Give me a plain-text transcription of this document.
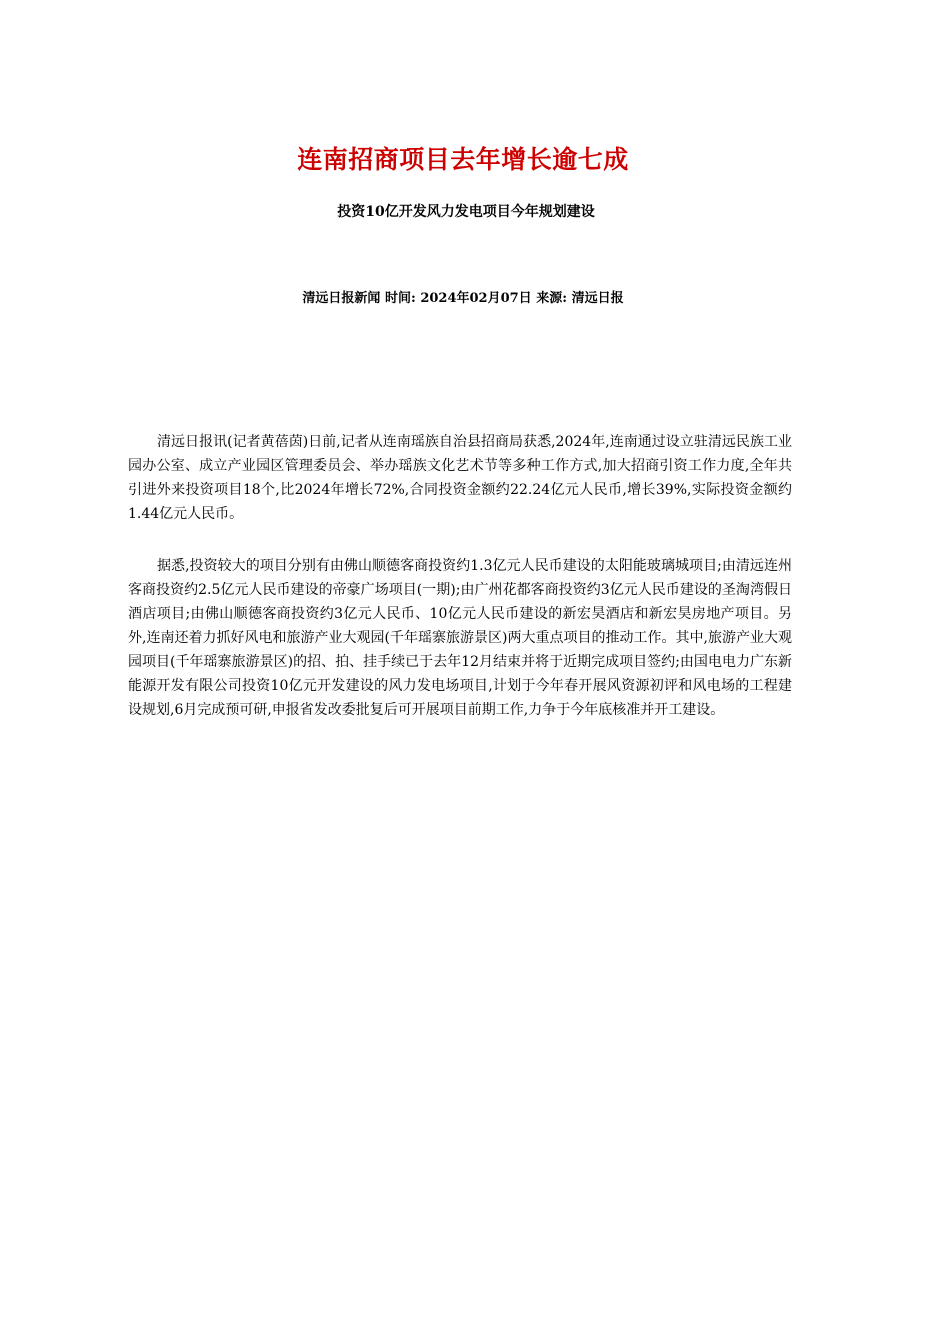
连南招商项目去年增长逾七成
投资10亿开发风力发电项目今年规划建设
清远日报新闻 时间: 2024年02月07日 来源: 清远日报

清远日报讯(记者黄蓓茵)日前,记者从连南瑶族自治县招商局获悉,2024年,连南通过设立驻清远民族工业园办公室、成立产业园区管理委员会、举办瑶族文化艺术节等多种工作方式,加大招商引资工作力度,全年共引进外来投资项目18个,比2024年增长72%,合同投资金额约22.24亿元人民币,增长39%,实际投资金额约1.44亿元人民币。

据悉,投资较大的项目分别有由佛山顺德客商投资约1.3亿元人民币建设的太阳能玻璃城项目;由清远连州客商投资约2.5亿元人民币建设的帝豪广场项目(一期);由广州花都客商投资约3亿元人民币建设的圣淘湾假日酒店项目;由佛山顺德客商投资约3亿元人民币、10亿元人民币建设的新宏昊酒店和新宏昊房地产项目。另外,连南还着力抓好风电和旅游产业大观园(千年瑶寨旅游景区)两大重点项目的推动工作。其中,旅游产业大观园项目(千年瑶寨旅游景区)的招、拍、挂手续已于去年12月结束并将于近期完成项目签约;由国电电力广东新能源开发有限公司投资10亿元开发建设的风力发电场项目,计划于今年春开展风资源初评和风电场的工程建设规划,6月完成预可研,申报省发改委批复后可开展项目前期工作,力争于今年底核准并开工建设。
